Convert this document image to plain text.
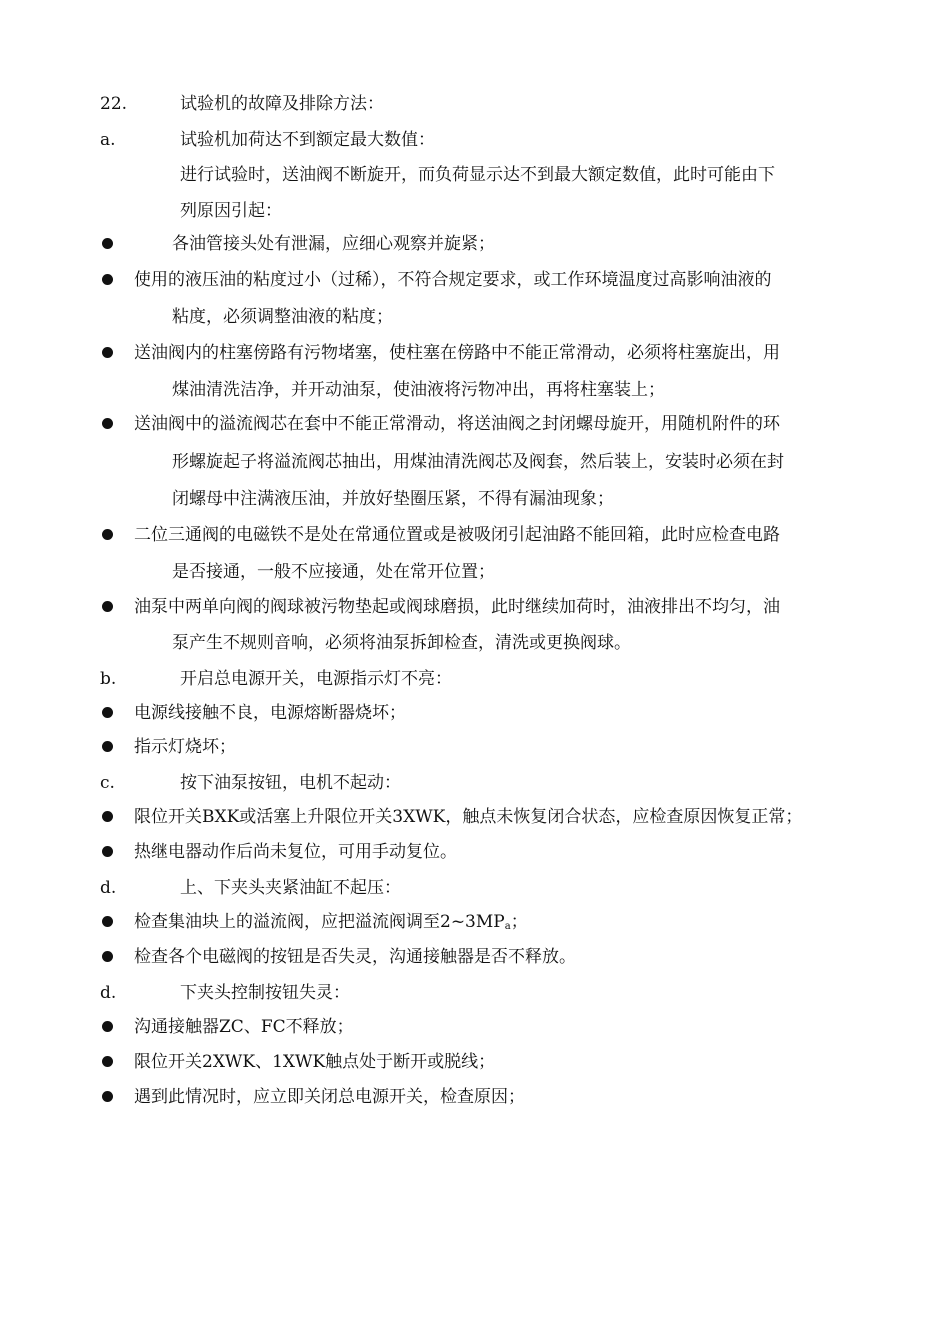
22.	试验机的故障及排除方法：
a.	试验机加荷达不到额定最大数值：
进行试验时，送油阀不断旋开，而负荷显示达不到最大额定数值，此时可能由下
列原因引起：
各油管接头处有泄漏，应细心观察并旋紧；
使用的液压油的粘度过小（过稀），不符合规定要求，或工作环境温度过高影响油液的
粘度，必须调整油液的粘度；
送油阀内的柱塞傍路有污物堵塞，使柱塞在傍路中不能正常滑动，必须将柱塞旋出，用
煤油清洗洁净，并开动油泵，使油液将污物冲出，再将柱塞装上；
送油阀中的溢流阀芯在套中不能正常滑动，将送油阀之封闭螺母旋开，用随机附件的环
形螺旋起子将溢流阀芯抽出，用煤油清洗阀芯及阀套，然后装上，安装时必须在封
闭螺母中注满液压油，并放好垫圈压紧，不得有漏油现象；
二位三通阀的电磁铁不是处在常通位置或是被吸闭引起油路不能回箱，此时应检查电路
是否接通，一般不应接通，处在常开位置；
油泵中两单向阀的阀球被污物垫起或阀球磨损，此时继续加荷时，油液排出不均匀，油
泵产生不规则音响，必须将油泵拆卸检查，清洗或更换阀球。
b.	开启总电源开关，电源指示灯不亮：
电源线接触不良，电源熔断器烧坏；
指示灯烧坏；
c.	按下油泵按钮，电机不起动：
限位开关BXK或活塞上升限位开关3XWK，触点未恢复闭合状态，应检查原因恢复正常；
热继电器动作后尚未复位，可用手动复位。
d.	上、下夹头夹紧油缸不起压：
检查集油块上的溢流阀，应把溢流阀调至$2\sim 3MP_a$；
检查各个电磁阀的按钮是否失灵，沟通接触器是否不释放。
d.	下夹头控制按钮失灵：
沟通接触器ZC、FC不释放；
限位开关2XWK、1XWK触点处于断开或脱线；
遇到此情况时，应立即关闭总电源开关，检查原因；
